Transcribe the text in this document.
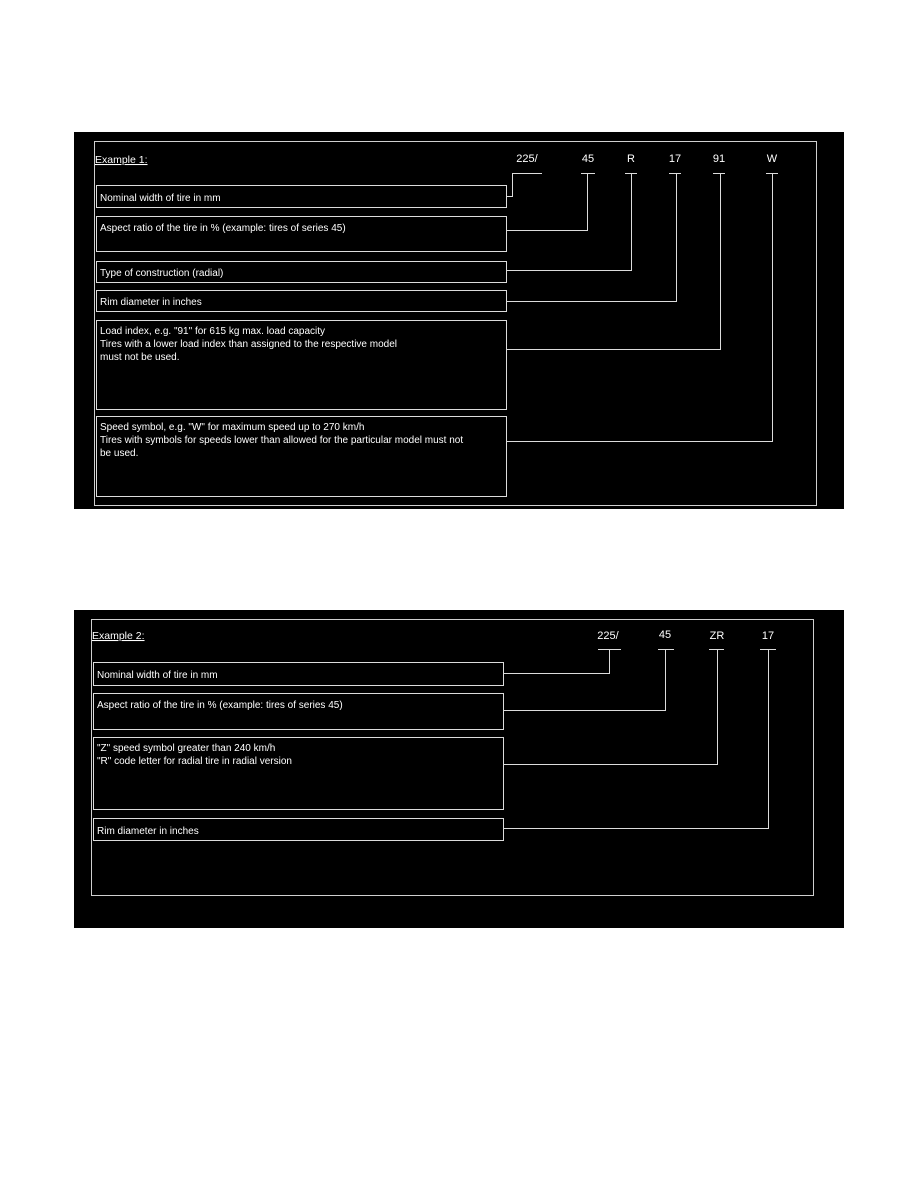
Example 1:	225/	45	R	17	91	W
Nominal width of tire in mm
Aspect ratio of the tire in % (example: tires of series 45)
Type of construction (radial)
Rim diameter in inches
Load index, e.g. "91" for 615 kg max. load capacity
Tires with a lower load index than assigned to the respective model
must not be used.
Speed symbol, e.g. "W" for maximum speed up to 270 km/h
Tires with symbols for speeds lower than allowed for the particular model must not
be used.
Example 2:	225/	45	ZR	17
Nominal width of tire in mm
Aspect ratio of the tire in % (example: tires of series 45)
"Z" speed symbol greater than 240 km/h
"R" code letter for radial tire in radial version
Rim diameter in inches
